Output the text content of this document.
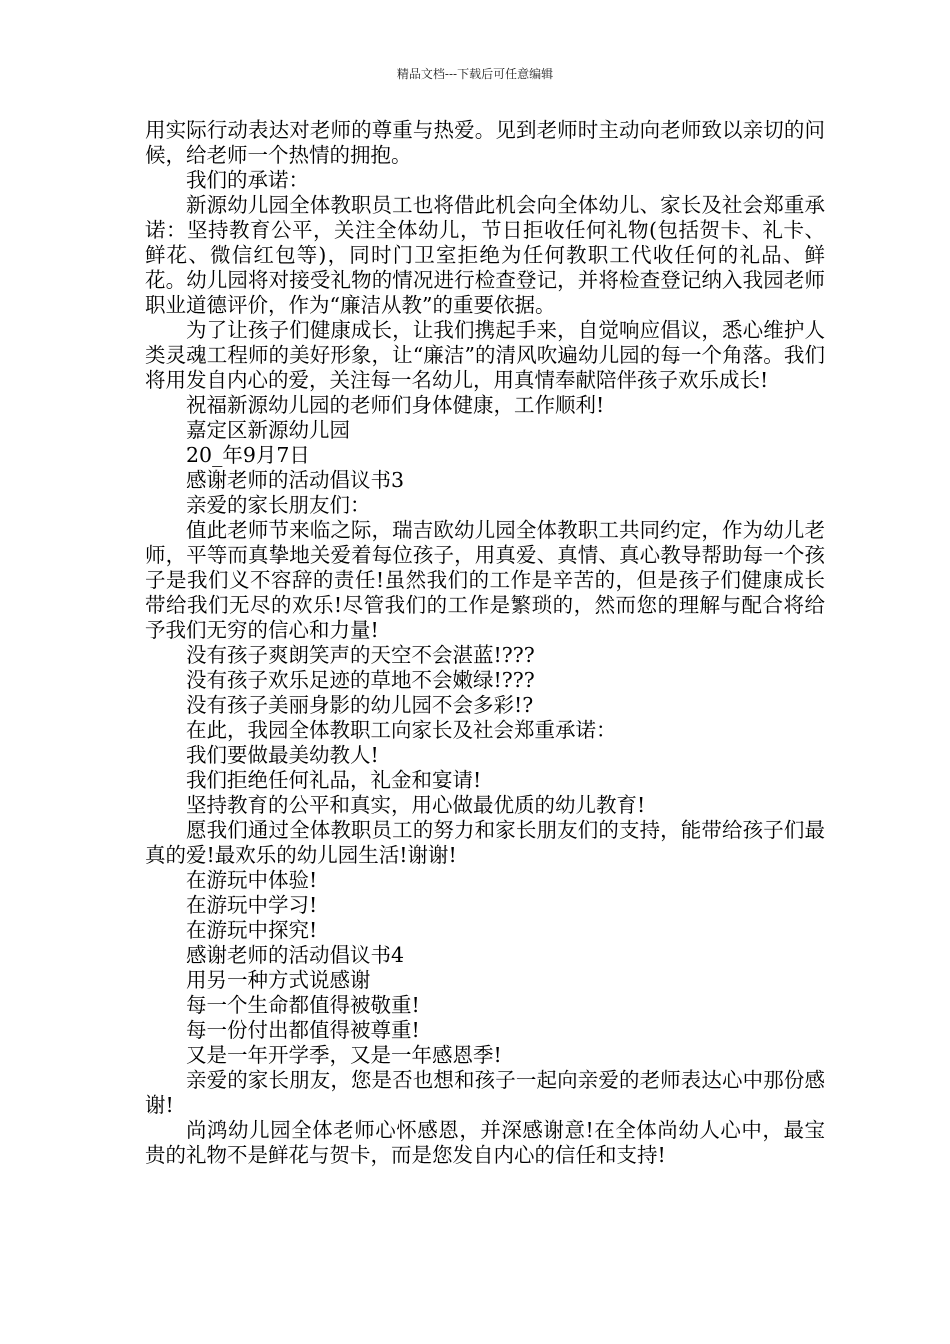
精品文档---下载后可任意编辑

用实际行动表达对老师的尊重与热爱。见到老师时主动向老师致以亲切的问候，给老师一个热情的拥抱。

我们的承诺：

新源幼儿园全体教职员工也将借此机会向全体幼儿、家长及社会郑重承诺：坚持教育公平，关注全体幼儿，节日拒收任何礼物(包括贺卡、礼卡、鲜花、微信红包等)，同时门卫室拒绝为任何教职工代收任何的礼品、鲜花。幼儿园将对接受礼物的情况进行检查登记，并将检查登记纳入我园老师职业道德评价，作为“廉洁从教”的重要依据。

为了让孩子们健康成长，让我们携起手来，自觉响应倡议，悉心维护人类灵魂工程师的美好形象，让“廉洁”的清风吹遍幼儿园的每一个角落。我们将用发自内心的爱，关注每一名幼儿，用真情奉献陪伴孩子欢乐成长!

祝福新源幼儿园的老师们身体健康，工作顺利!

嘉定区新源幼儿园

20_年9月7日

感谢老师的活动倡议书3

亲爱的家长朋友们：

值此老师节来临之际，瑞吉欧幼儿园全体教职工共同约定，作为幼儿老师，平等而真挚地关爱着每位孩子，用真爱、真情、真心教导帮助每一个孩子是我们义不容辞的责任!虽然我们的工作是辛苦的，但是孩子们健康成长带给我们无尽的欢乐!尽管我们的工作是繁琐的，然而您的理解与配合将给予我们无穷的信心和力量!

没有孩子爽朗笑声的天空不会湛蓝!???

没有孩子欢乐足迹的草地不会嫩绿!???

没有孩子美丽身影的幼儿园不会多彩!?

在此，我园全体教职工向家长及社会郑重承诺：

我们要做最美幼教人!

我们拒绝任何礼品，礼金和宴请!

坚持教育的公平和真实，用心做最优质的幼儿教育!

愿我们通过全体教职员工的努力和家长朋友们的支持，能带给孩子们最真的爱!最欢乐的幼儿园生活!谢谢!

在游玩中体验!

在游玩中学习!

在游玩中探究!

感谢老师的活动倡议书4

用另一种方式说感谢

每一个生命都值得被敬重!

每一份付出都值得被尊重!

又是一年开学季，又是一年感恩季!

亲爱的家长朋友，您是否也想和孩子一起向亲爱的老师表达心中那份感谢!

尚鸿幼儿园全体老师心怀感恩，并深感谢意!在全体尚幼人心中，最宝贵的礼物不是鲜花与贺卡，而是您发自内心的信任和支持!
